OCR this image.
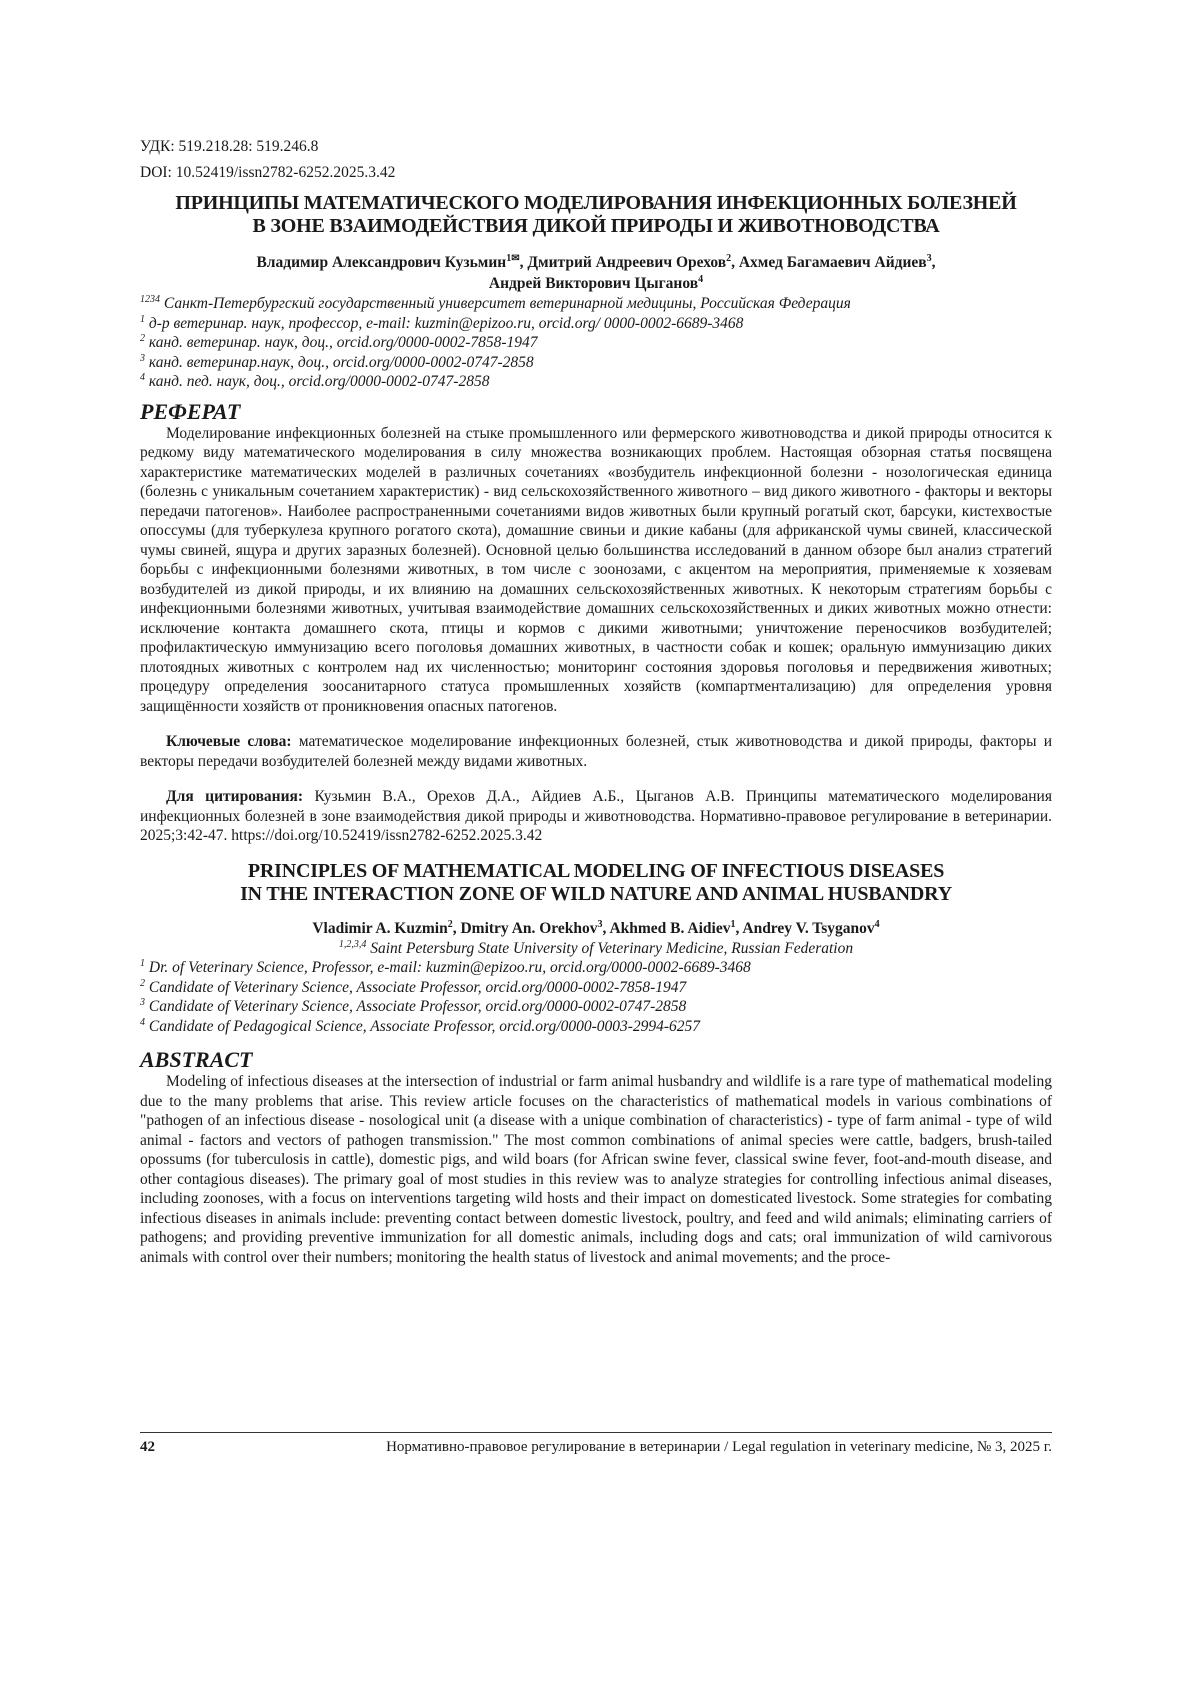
УДК: 519.218.28: 519.246.8
DOI: 10.52419/issn2782-6252.2025.3.42
ПРИНЦИПЫ МАТЕМАТИЧЕСКОГО МОДЕЛИРОВАНИЯ ИНФЕКЦИОННЫХ БОЛЕЗНЕЙ
В ЗОНЕ ВЗАИМОДЕЙСТВИЯ ДИКОЙ ПРИРОДЫ И ЖИВОТНОВОДСТВА
Владимир Александрович Кузьмин1✉, Дмитрий Андреевич Орехов2, Ахмед Багамаевич Айдиев3,
Андрей Викторович Цыганов4
1234 Санкт-Петербургский государственный университет ветеринарной медицины, Российская Федерация
1 д-р ветеринар. наук, профессор, e-mail: kuzmin@epizoo.ru, orcid.org/ 0000-0002-6689-3468
2 канд. ветеринар. наук, доц., orcid.org/0000-0002-7858-1947
3 канд. ветеринар.наук, доц., orcid.org/0000-0002-0747-2858
4 канд. пед. наук, доц., orcid.org/0000-0002-0747-2858
РЕФЕРАТ

Моделирование инфекционных болезней на стыке промышленного или фермерского животноводства и дикой природы относится к редкому виду математического моделирования в силу множества возникающих проблем. Настоящая обзорная статья посвящена характеристике математических моделей в различных сочетаниях «возбудитель инфекционной болезни - нозологическая единица (болезнь с уникальным сочетанием характеристик) - вид сельскохозяйственного животного – вид дикого животного - факторы и векторы передачи патогенов». Наиболее распространенными сочетаниями видов животных были крупный рогатый скот, барсуки, кистехвостые опоссумы (для туберкулеза крупного рогатого скота), домашние свиньи и дикие кабаны (для африканской чумы свиней, классической чумы свиней, ящура и других заразных болезней). Основной целью большинства исследований в данном обзоре был анализ стратегий борьбы с инфекционными болезнями животных, в том числе с зоонозами, с акцентом на мероприятия, применяемые к хозяевам возбудителей из дикой природы, и их влиянию на домашних сельскохозяйственных животных. К некоторым стратегиям борьбы с инфекционными болезнями животных, учитывая взаимодействие домашних сельскохозяйственных и диких животных можно отнести: исключение контакта домашнего скота, птицы и кормов с дикими животными; уничтожение переносчиков возбудителей; профилактическую иммунизацию всего поголовья домашних животных, в частности собак и кошек; оральную иммунизацию диких плотоядных животных с контролем над их численностью; мониторинг состояния здоровья поголовья и передвижения животных; процедуру определения зоосанитарного статуса промышленных хозяйств (компартментализацию) для определения уровня защищённости хозяйств от проникновения опасных патогенов.

Ключевые слова: математическое моделирование инфекционных болезней, стык животноводства и дикой природы, факторы и векторы передачи возбудителей болезней между видами животных.

Для цитирования: Кузьмин В.А., Орехов Д.А., Айдиев А.Б., Цыганов А.В. Принципы математического моделирования инфекционных болезней в зоне взаимодействия дикой природы и животноводства. Нормативно-правовое регулирование в ветеринарии. 2025;3:42-47. https://doi.org/10.52419/issn2782-6252.2025.3.42

PRINCIPLES OF MATHEMATICAL MODELING OF INFECTIOUS DISEASES
IN THE INTERACTION ZONE OF WILD NATURE AND ANIMAL HUSBANDRY
Vladimir A. Kuzmin2, Dmitry An. Orekhov3, Akhmed B. Aidiev1, Andrey V. Tsyganov4
1,2,3,4 Saint Petersburg State University of Veterinary Medicine, Russian Federation
1 Dr. of Veterinary Science, Professor, e-mail: kuzmin@epizoo.ru, orcid.org/0000-0002-6689-3468
2 Candidate of Veterinary Science, Associate Professor, orcid.org/0000-0002-7858-1947
3 Candidate of Veterinary Science, Associate Professor, orcid.org/0000-0002-0747-2858
4 Candidate of Pedagogical Science, Associate Professor, orcid.org/0000-0003-2994-6257
ABSTRACT

Modeling of infectious diseases at the intersection of industrial or farm animal husbandry and wildlife is a rare type of mathematical modeling due to the many problems that arise. This review article focuses on the characteristics of mathematical models in various combinations of "pathogen of an infectious disease - nosological unit (a disease with a unique combination of characteristics) - type of farm animal - type of wild animal - factors and vectors of pathogen transmission." The most common combinations of animal species were cattle, badgers, brush-tailed opossums (for tuberculosis in cattle), domestic pigs, and wild boars (for African swine fever, classical swine fever, foot-and-mouth disease, and other contagious diseases). The primary goal of most studies in this review was to analyze strategies for controlling infectious animal diseases, including zoonoses, with a focus on interventions targeting wild hosts and their impact on domesticated livestock. Some strategies for combating infectious diseases in animals include: preventing contact between domestic livestock, poultry, and feed and wild animals; eliminating carriers of pathogens; and providing preventive immunization for all domestic animals, including dogs and cats; oral immunization of wild carnivorous animals with control over their numbers; monitoring the health status of livestock and animal movements; and the proce-

42	Нормативно-правовое регулирование в ветеринарии / Legal regulation in veterinary medicine, № 3, 2025 г.
